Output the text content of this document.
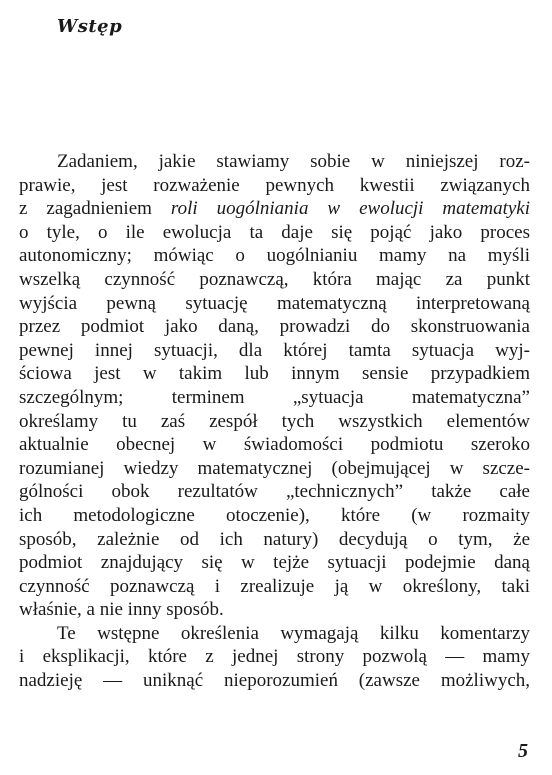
Wstęp
Zadaniem, jakie stawiamy sobie w niniejszej roz-
prawie, jest rozważenie pewnych kwestii związanych
z zagadnieniem roli uogólniania w ewolucji matematyki
o tyle, o ile ewolucja ta daje się pojąć jako proces
autonomiczny; mówiąc o uogólnianiu mamy na myśli
wszelką czynność poznawczą, która mając za punkt
wyjścia pewną sytuację matematyczną interpretowaną
przez podmiot jako daną, prowadzi do skonstruowania
pewnej innej sytuacji, dla której tamta sytuacja wyj-
ściowa jest w takim lub innym sensie przypadkiem
szczególnym; terminem „sytuacja matematyczna”
określamy tu zaś zespół tych wszystkich elementów
aktualnie obecnej w świadomości podmiotu szeroko
rozumianej wiedzy matematycznej (obejmującej w szcze-
gólności obok rezultatów „technicznych” także całe
ich metodologiczne otoczenie), które (w rozmaity
sposób, zależnie od ich natury) decydują o tym, że
podmiot znajdujący się w tejże sytuacji podejmie daną
czynność poznawczą i zrealizuje ją w określony, taki
właśnie, a nie inny sposób.
Te wstępne określenia wymagają kilku komentarzy
i eksplikacji, które z jednej strony pozwolą — mamy
nadzieję — uniknąć nieporozumień (zawsze możliwych,
5
